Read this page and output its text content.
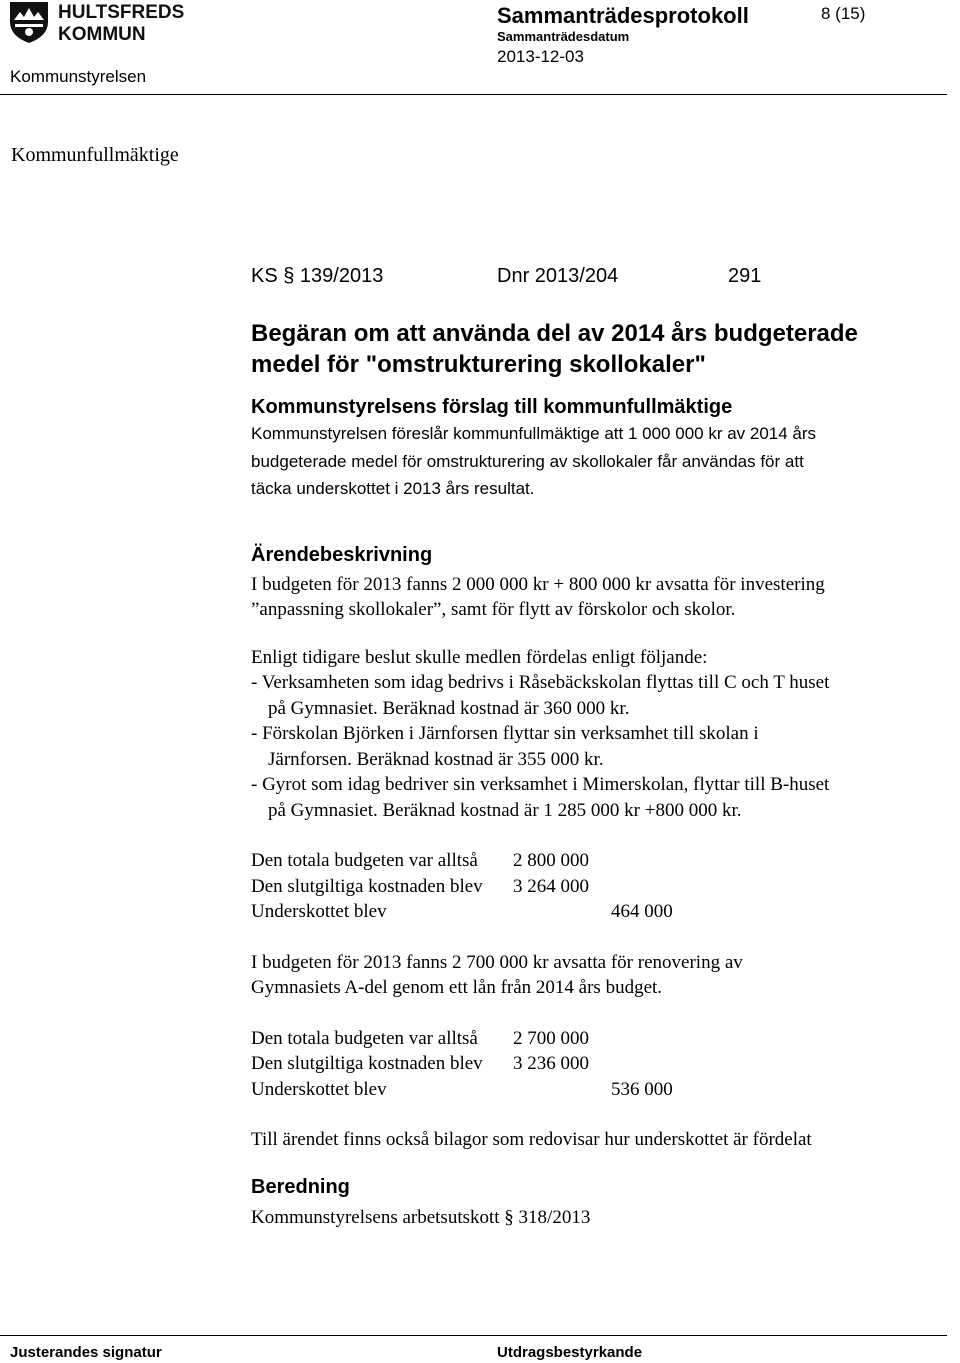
HULTSFREDS
KOMMUN
Kommunstyrelsen
Sammanträdesprotokoll
Sammanträdesdatum
2013-12-03
8 (15)
Kommunfullmäktige
KS § 139/2013	Dnr 2013/204	291
Begäran om att använda del av 2014 års budgeterade
medel för "omstrukturering skollokaler"
Kommunstyrelsens förslag till kommunfullmäktige
Kommunstyrelsen föreslår kommunfullmäktige att 1 000 000 kr av 2014 års
budgeterade medel för omstrukturering av skollokaler får användas för att
täcka underskottet i 2013 års resultat.
Ärendebeskrivning
I budgeten för 2013 fanns 2 000 000 kr + 800 000 kr avsatta för investering
”anpassning skollokaler”, samt för flytt av förskolor och skolor.
Enligt tidigare beslut skulle medlen fördelas enligt följande:
- Verksamheten som idag bedrivs i Råsebäckskolan flyttas till C och T huset
på Gymnasiet. Beräknad kostnad är 360 000 kr.
- Förskolan Björken i Järnforsen flyttar sin verksamhet till skolan i
Järnforsen. Beräknad kostnad är 355 000 kr.
- Gyrot som idag bedriver sin verksamhet i Mimerskolan, flyttar till B-huset
på Gymnasiet. Beräknad kostnad är 1 285 000 kr +800 000 kr.
Den totala budgeten var alltså	2 800 000
Den slutgiltiga kostnaden blev	3 264 000
Underskottet blev	464 000
I budgeten för 2013 fanns 2 700 000 kr avsatta för renovering av
Gymnasiets A-del genom ett lån från 2014 års budget.
Den totala budgeten var alltså	2 700 000
Den slutgiltiga kostnaden blev	3 236 000
Underskottet blev	536 000
Till ärendet finns också bilagor som redovisar hur underskottet är fördelat
Beredning
Kommunstyrelsens arbetsutskott § 318/2013
Justerandes signatur	Utdragsbestyrkande
